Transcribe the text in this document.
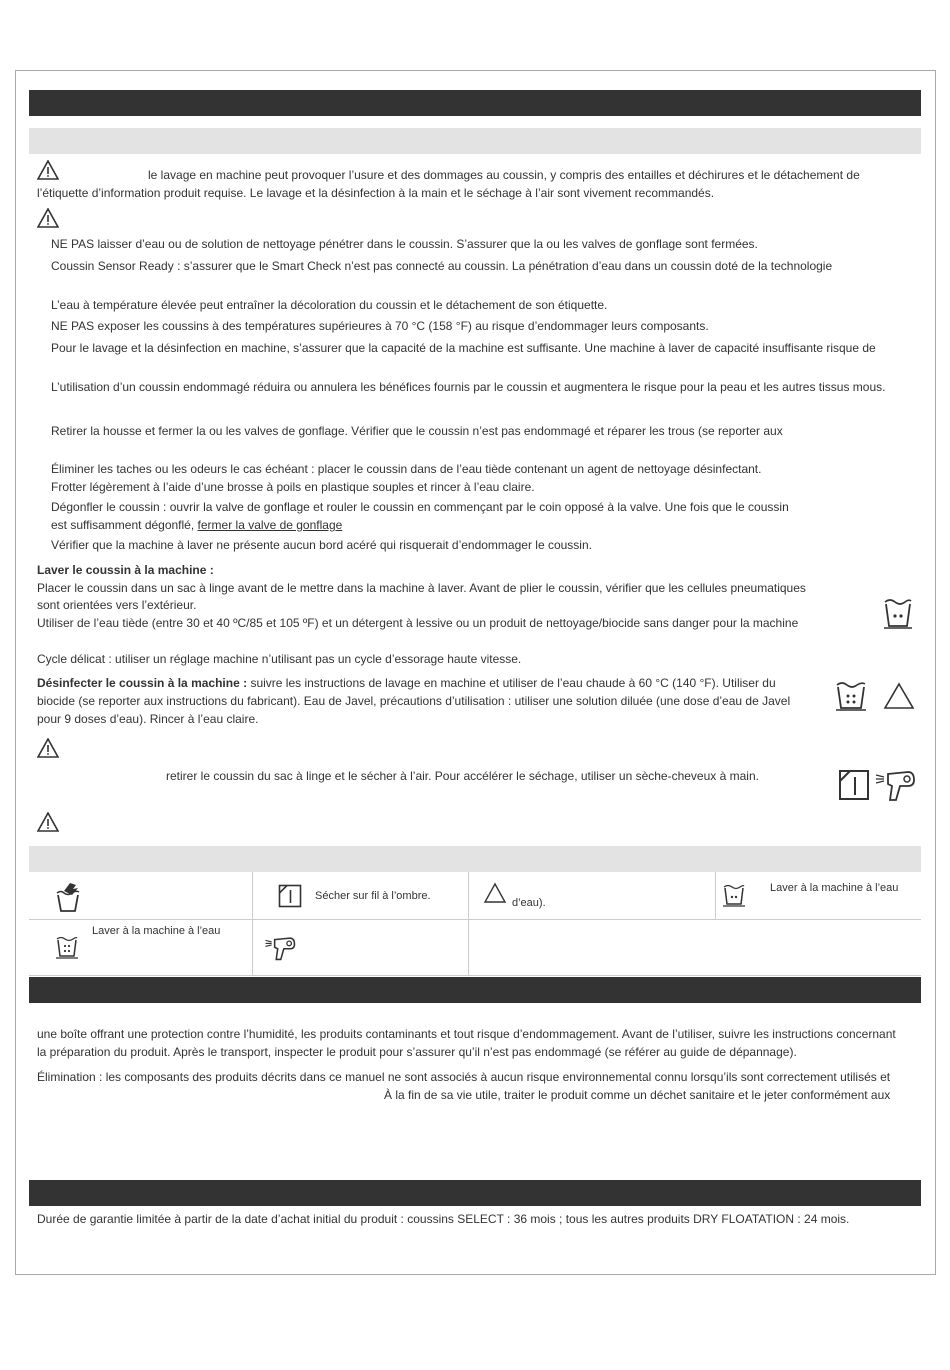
le lavage en machine peut provoquer l’usure et des dommages au coussin, y compris des entailles et déchirures et le détachement de
l’étiquette d’information produit requise. Le lavage et la désinfection à la main et le séchage à l’air sont vivement recommandés.
NE PAS laisser d’eau ou de solution de nettoyage pénétrer dans le coussin. S’assurer que la ou les valves de gonflage sont fermées.
Coussin Sensor Ready : s’assurer que le Smart Check n’est pas connecté au coussin. La pénétration d’eau dans un coussin doté de la technologie
L’eau à température élevée peut entraîner la décoloration du coussin et le détachement de son étiquette.
NE PAS exposer les coussins à des températures supérieures à 70 °C (158 °F) au risque d’endommager leurs composants.
Pour le lavage et la désinfection en machine, s’assurer que la capacité de la machine est suffisante. Une machine à laver de capacité insuffisante risque de
L’utilisation d’un coussin endommagé réduira ou annulera les bénéfices fournis par le coussin et augmentera le risque pour la peau et les autres tissus mous.
Retirer la housse et fermer la ou les valves de gonflage. Vérifier que le coussin n’est pas endommagé et réparer les trous (se reporter aux
Éliminer les taches ou les odeurs le cas échéant : placer le coussin dans de l’eau tiède contenant un agent de nettoyage désinfectant.
Frotter légèrement à l’aide d’une brosse à poils en plastique souples et rincer à l’eau claire.
Dégonfler le coussin : ouvrir la valve de gonflage et rouler le coussin en commençant par le coin opposé à la valve. Une fois que le coussin
est suffisamment dégonflé, fermer la valve de gonflage
Vérifier que la machine à laver ne présente aucun bord acéré qui risquerait d’endommager le coussin.
Laver le coussin à la machine :
Placer le coussin dans un sac à linge avant de le mettre dans la machine à laver. Avant de plier le coussin, vérifier que les cellules pneumatiques
sont orientées vers l’extérieur.
Utiliser de l’eau tiède (entre 30 et 40 ºC/85 et 105 ºF) et un détergent à lessive ou un produit de nettoyage/biocide sans danger pour la machine
Cycle délicat : utiliser un réglage machine n’utilisant pas un cycle d’essorage haute vitesse.
Désinfecter le coussin à la machine : suivre les instructions de lavage en machine et utiliser de l’eau chaude à 60 °C (140 °F). Utiliser du
biocide (se reporter aux instructions du fabricant). Eau de Javel, précautions d’utilisation : utiliser une solution diluée (une dose d’eau de Javel
pour 9 doses d’eau). Rincer à l’eau claire.
retirer le coussin du sac à linge et le sécher à l’air. Pour accélérer le séchage, utiliser un sèche-cheveux à main.
Sécher sur fil à l’ombre.
d’eau).
Laver à la machine à l’eau
Laver à la machine à l’eau
une boîte offrant une protection contre l’humidité, les produits contaminants et tout risque d’endommagement. Avant de l’utiliser, suivre les instructions concernant
la préparation du produit. Après le transport, inspecter le produit pour s’assurer qu’il n’est pas endommagé (se référer au guide de dépannage).
Élimination : les composants des produits décrits dans ce manuel ne sont associés à aucun risque environnemental connu lorsqu’ils sont correctement utilisés et
À la fin de sa vie utile, traiter le produit comme un déchet sanitaire et le jeter conformément aux
Durée de garantie limitée à partir de la date d’achat initial du produit : coussins SELECT : 36 mois ; tous les autres produits DRY FLOATATION : 24 mois.
